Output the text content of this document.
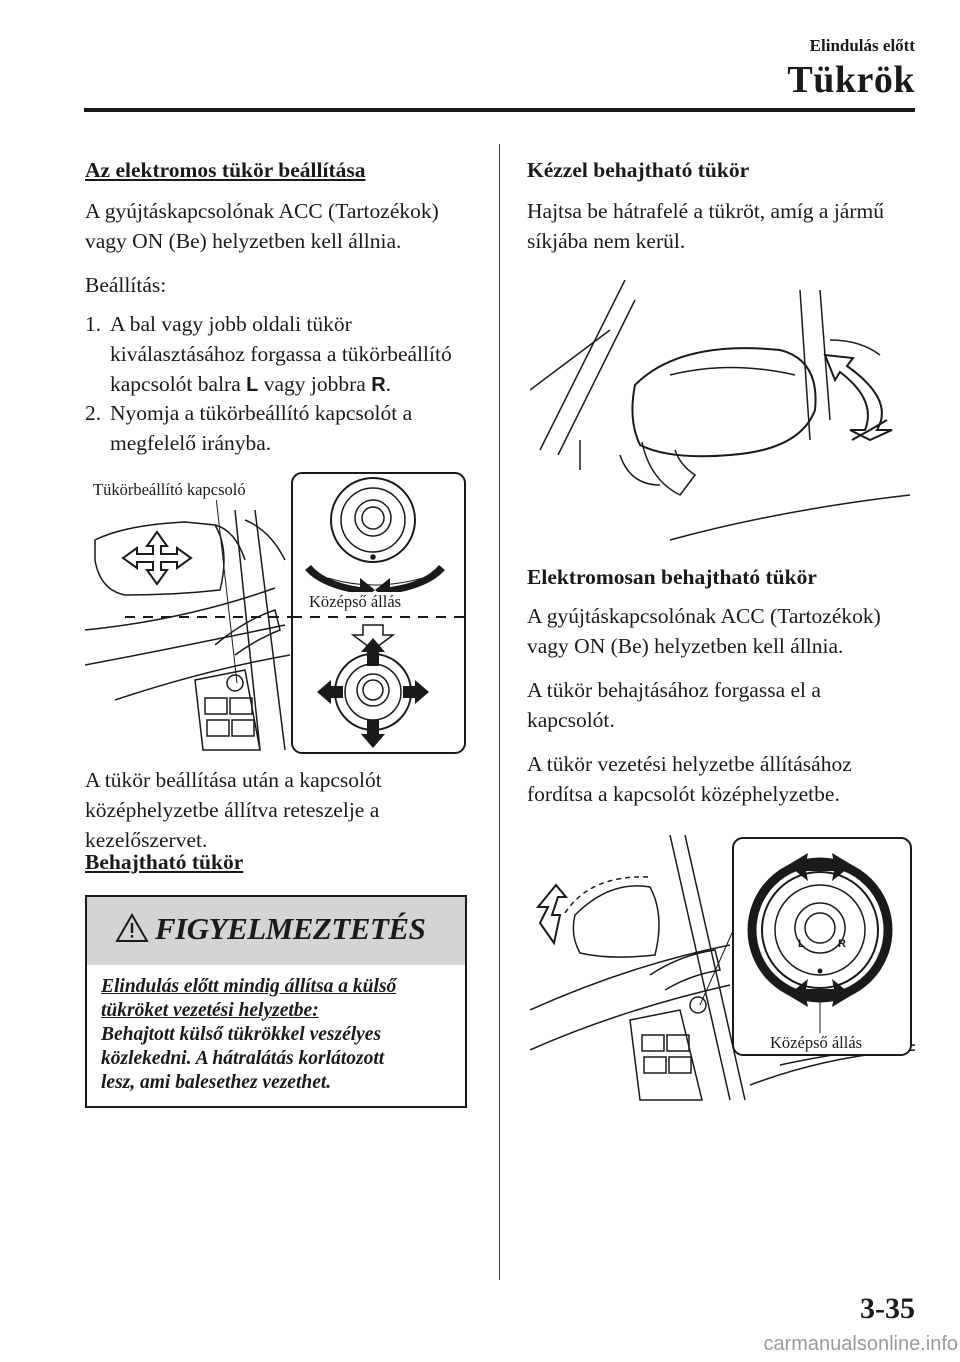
Elindulás előtt
Tükrök
Az elektromos tükör beállítása
A gyújtáskapcsolónak ACC (Tartozékok)
vagy ON (Be) helyzetben kell állnia.
Beállítás:
1. A bal vagy jobb oldali tükör
kiválasztásához forgassa a tükörbeállító
kapcsolót balra L vagy jobbra R.
2. Nyomja a tükörbeállító kapcsolót a
megfelelő irányba.
Tükörbeállító kapcsoló
Középső állás
A tükör beállítása után a kapcsolót
középhelyzetbe állítva reteszelje a
kezelőszervet.
Behajtható tükör
FIGYELMEZTETÉS
Elindulás előtt mindig állítsa a külső
tükröket vezetési helyzetbe:
Behajtott külső tükrökkel veszélyes
közlekedni. A hátralátás korlátozott
lesz, ami balesethez vezethet.
Kézzel behajtható tükör
Hajtsa be hátrafelé a tükröt, amíg a jármű
síkjába nem kerül.
Elektromosan behajtható tükör
A gyújtáskapcsolónak ACC (Tartozékok)
vagy ON (Be) helyzetben kell állnia.
A tükör behajtásához forgassa el a
kapcsolót.
A tükör vezetési helyzetbe állításához
fordítsa a kapcsolót középhelyzetbe.
L	R
Középső állás
3-35
carmanualsonline.info
